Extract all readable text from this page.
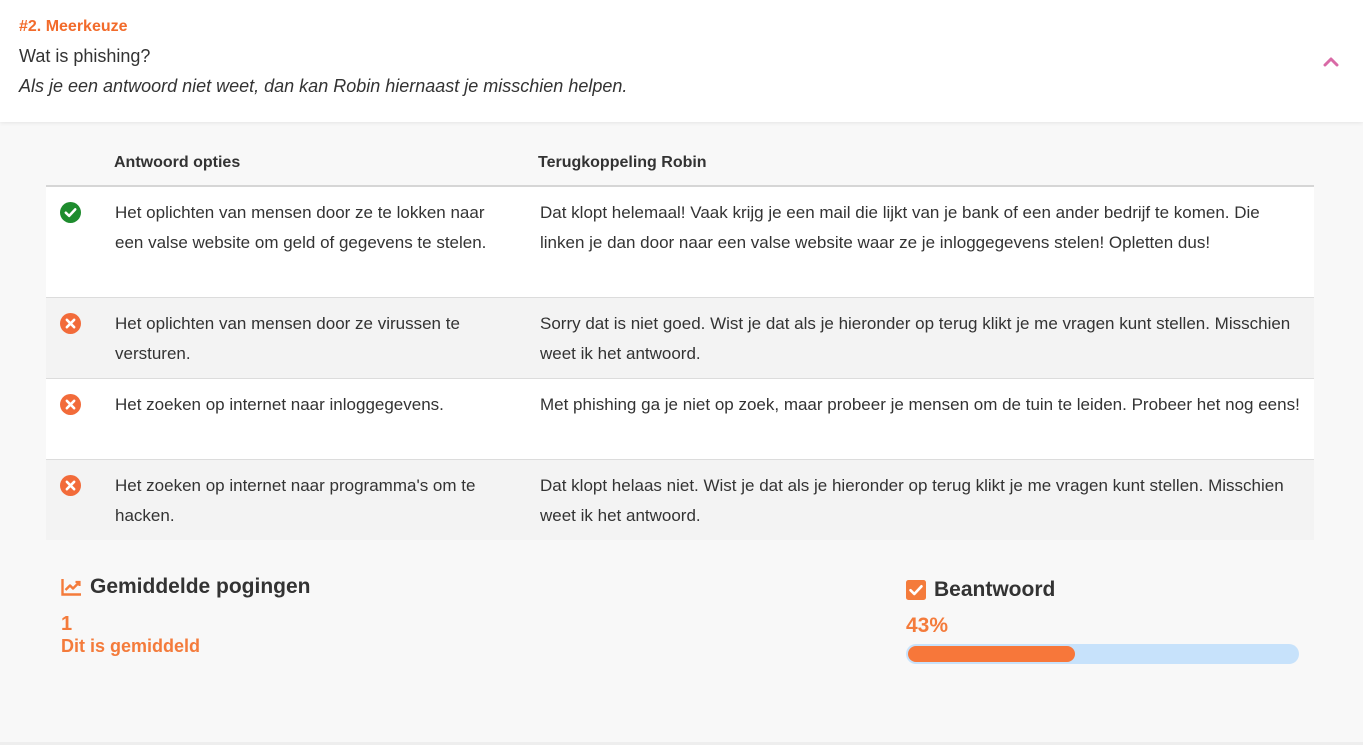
#2. Meerkeuze
Wat is phishing?
Als je een antwoord niet weet, dan kan Robin hiernaast je misschien helpen.
Antwoord opties	Terugkoppeling Robin
Het oplichten van mensen door ze te lokken naar een valse website om geld of gegevens te stelen.
Dat klopt helemaal! Vaak krijg je een mail die lijkt van je bank of een ander bedrijf te komen. Die linken je dan door naar een valse website waar ze je inloggegevens stelen! Opletten dus!
Het oplichten van mensen door ze virussen te versturen.
Sorry dat is niet goed. Wist je dat als je hieronder op terug klikt je me vragen kunt stellen. Misschien weet ik het antwoord.
Het zoeken op internet naar inloggegevens.	Met phishing ga je niet op zoek, maar probeer je mensen om de tuin te leiden. Probeer het nog eens!
Het zoeken op internet naar programma's om te hacken.
Dat klopt helaas niet. Wist je dat als je hieronder op terug klikt je me vragen kunt stellen. Misschien weet ik het antwoord.
Gemiddelde pogingen
1
Dit is gemiddeld
Beantwoord
43%
